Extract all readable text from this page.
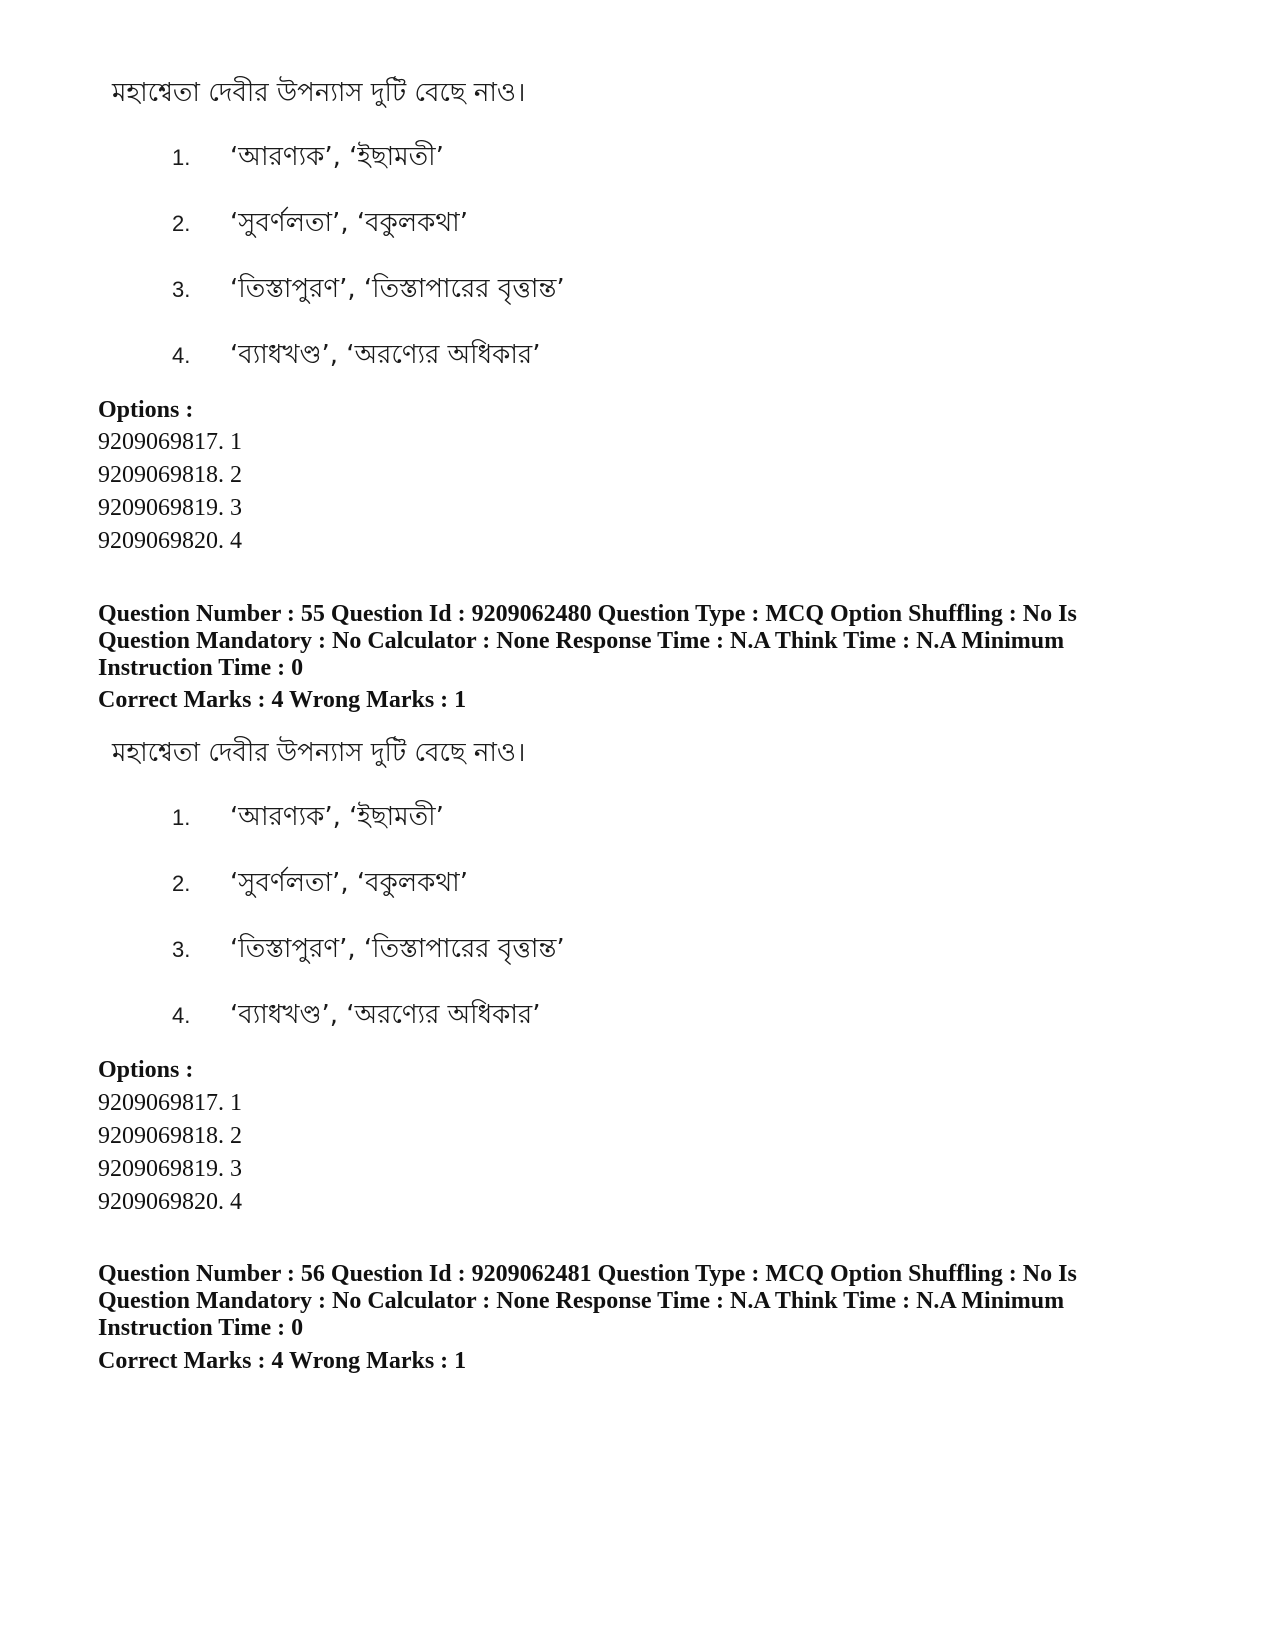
মহাশ্বেতা দেবীর উপন্যাস দুটি বেছে নাও।
1. ‘আরণ্যক’, ‘ইছামতী’
2. ‘সুবর্ণলতা’, ‘বকুলকথা’
3. ‘তিস্তাপুরণ’, ‘তিস্তাপারের বৃত্তান্ত’
4. ‘ব্যাধখণ্ড’, ‘অরণ্যের অধিকার’
Options :
9209069817. 1
9209069818. 2
9209069819. 3
9209069820. 4
Question Number : 55 Question Id : 9209062480 Question Type : MCQ Option Shuffling : No Is
Question Mandatory : No Calculator : None Response Time : N.A Think Time : N.A Minimum
Instruction Time : 0
Correct Marks : 4 Wrong Marks : 1
মহাশ্বেতা দেবীর উপন্যাস দুটি বেছে নাও।
1. ‘আরণ্যক’, ‘ইছামতী’
2. ‘সুবর্ণলতা’, ‘বকুলকথা’
3. ‘তিস্তাপুরণ’, ‘তিস্তাপারের বৃত্তান্ত’
4. ‘ব্যাধখণ্ড’, ‘অরণ্যের অধিকার’
Options :
9209069817. 1
9209069818. 2
9209069819. 3
9209069820. 4
Question Number : 56 Question Id : 9209062481 Question Type : MCQ Option Shuffling : No Is
Question Mandatory : No Calculator : None Response Time : N.A Think Time : N.A Minimum
Instruction Time : 0
Correct Marks : 4 Wrong Marks : 1
